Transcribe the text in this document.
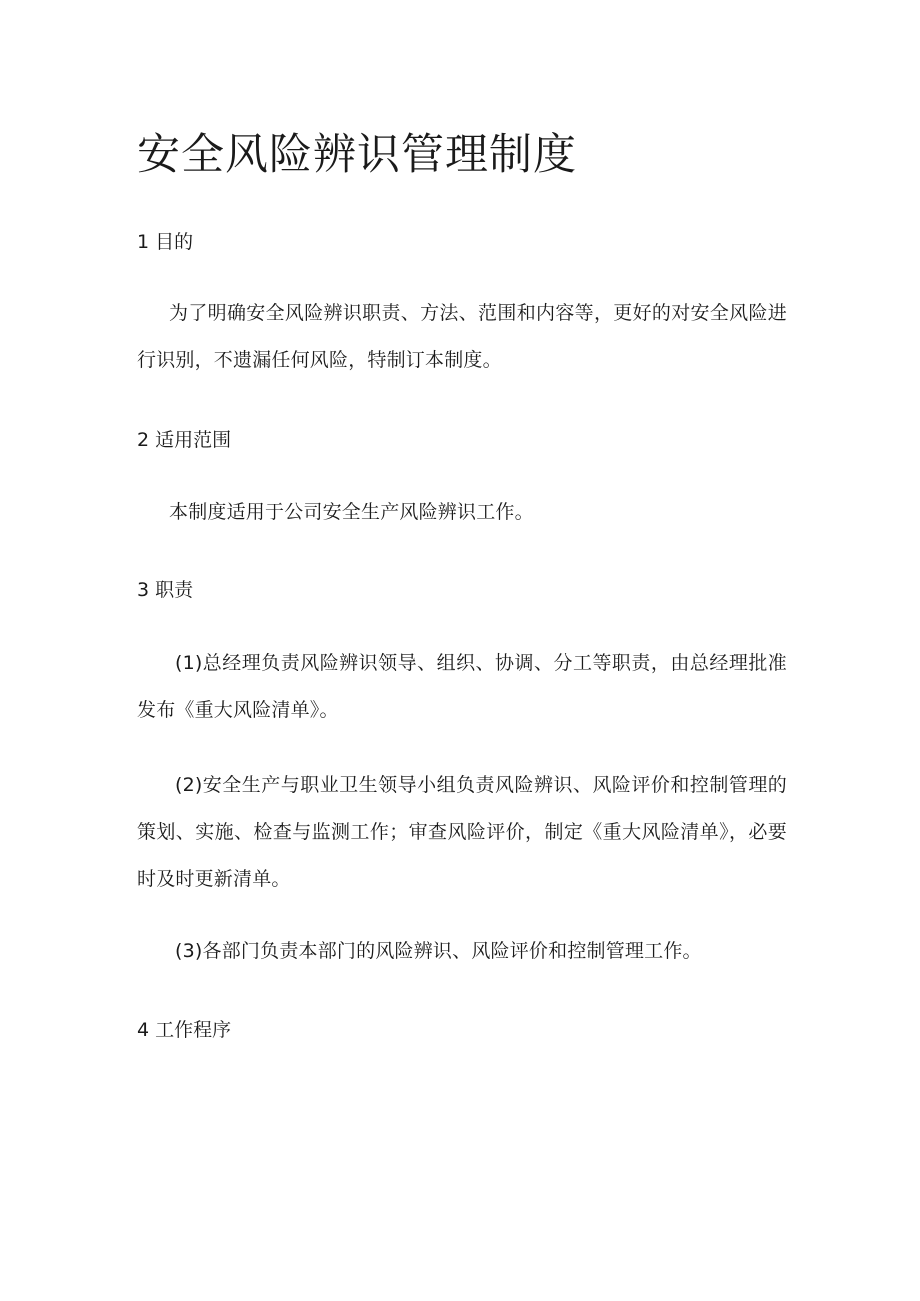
安全风险辨识管理制度
1 目的

为了明确安全风险辨识职责、方法、范围和内容等，更好的对安全风险进行识别，不遗漏任何风险，特制订本制度。

2 适用范围

本制度适用于公司安全生产风险辨识工作。

3 职责

(1)总经理负责风险辨识领导、组织、协调、分工等职责，由总经理批准发布《重大风险清单》。

(2)安全生产与职业卫生领导小组负责风险辨识、风险评价和控制管理的策划、实施、检查与监测工作；审查风险评价，制定《重大风险清单》，必要时及时更新清单。

(3)各部门负责本部门的风险辨识、风险评价和控制管理工作。

4 工作程序
